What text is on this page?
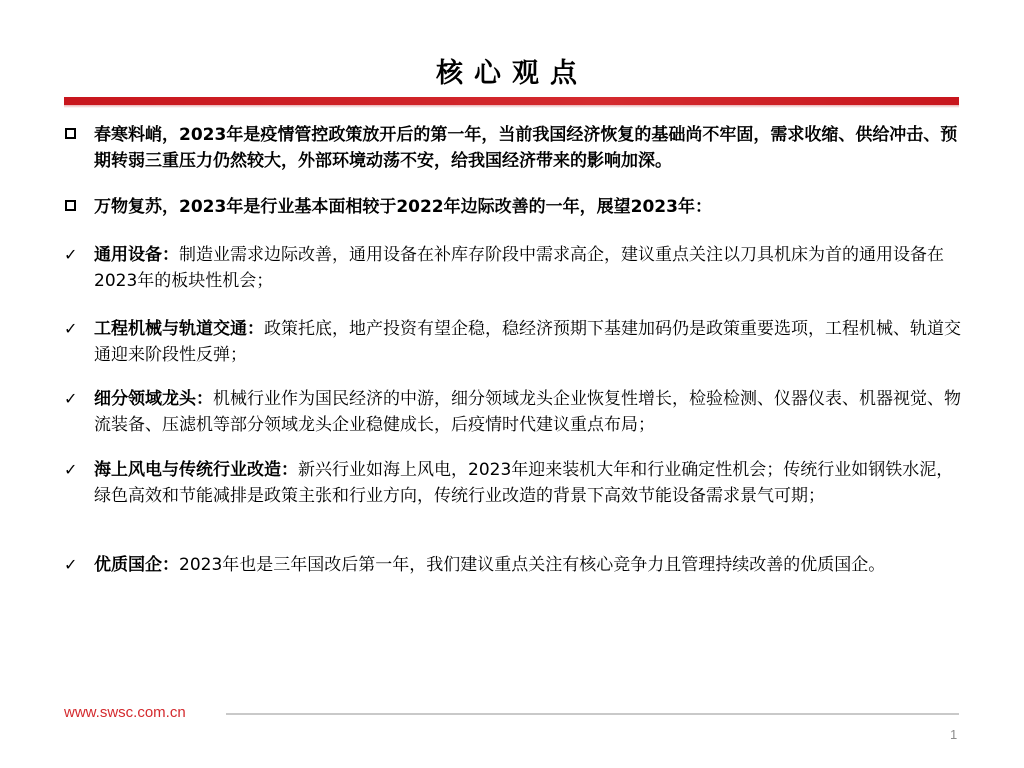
核心观点
春寒料峭，2023年是疫情管控政策放开后的第一年，当前我国经济恢复的基础尚不牢固，需求收缩、供给冲击、预期转弱三重压力仍然较大，外部环境动荡不安，给我国经济带来的影响加深。
万物复苏，2023年是行业基本面相较于2022年边际改善的一年，展望2023年：
✓ 通用设备：制造业需求边际改善，通用设备在补库存阶段中需求高企，建议重点关注以刀具机床为首的通用设备在2023年的板块性机会；
✓ 工程机械与轨道交通：政策托底，地产投资有望企稳，稳经济预期下基建加码仍是政策重要选项，工程机械、轨道交通迎来阶段性反弹；
✓ 细分领域龙头：机械行业作为国民经济的中游，细分领域龙头企业恢复性增长，检验检测、仪器仪表、机器视觉、物流装备、压滤机等部分领域龙头企业稳健成长，后疫情时代建议重点布局；
✓ 海上风电与传统行业改造：新兴行业如海上风电，2023年迎来装机大年和行业确定性机会；传统行业如钢铁水泥，绿色高效和节能减排是政策主张和行业方向，传统行业改造的背景下高效节能设备需求景气可期；
✓ 优质国企：2023年也是三年国改后第一年，我们建议重点关注有核心竞争力且管理持续改善的优质国企。
www.swsc.com.cn
1
